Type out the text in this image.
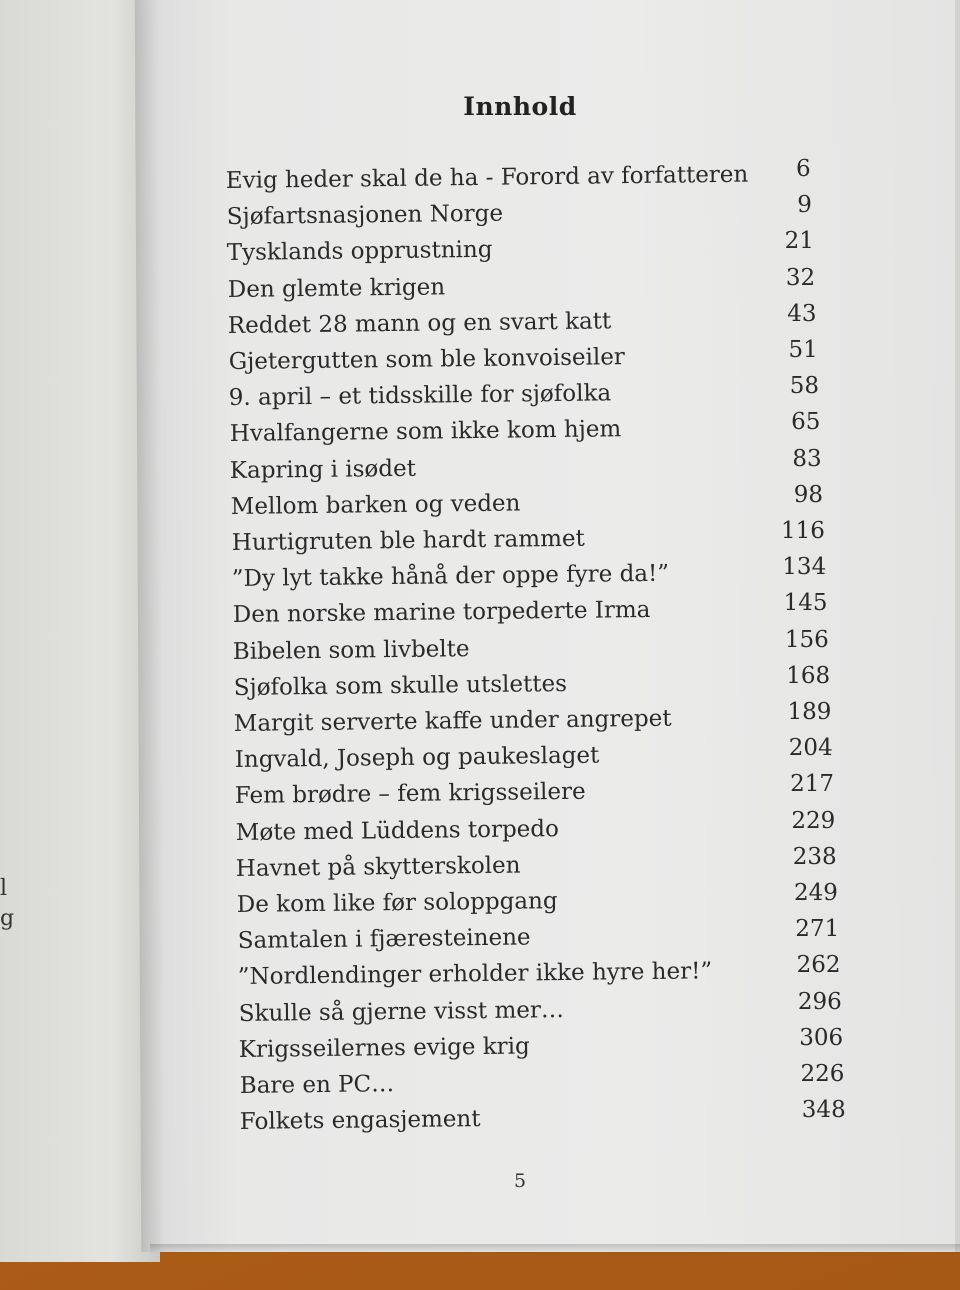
l
g
Innhold
Evig heder skal de ha - Forord av forfatteren 6
Sjøfartsnasjonen Norge	9
Tysklands opprustning	21
Den glemte krigen	32
Reddet 28 mann og en svart katt	43
Gjetergutten som ble konvoiseiler	51
9. april – et tidsskille for sjøfolka	58
Hvalfangerne som ikke kom hjem	65
Kapring i isødet	83
Mellom barken og veden	98
Hurtigruten ble hardt rammet	116
”Dy lyt takke hånå der oppe fyre da!”	134
Den norske marine torpederte Irma	145
Bibelen som livbelte	156
Sjøfolka som skulle utslettes	168
Margit serverte kaffe under angrepet	189
Ingvald, Joseph og paukeslaget	204
Fem brødre – fem krigsseilere	217
Møte med Lüddens torpedo	229
Havnet på skytterskolen	238
De kom like før soloppgang	249
Samtalen i fjæresteinene	271
”Nordlendinger erholder ikke hyre her!”	262
Skulle så gjerne visst mer…	296
Krigsseilernes evige krig	306
Bare en PC…	226
Folkets engasjement	348
5
